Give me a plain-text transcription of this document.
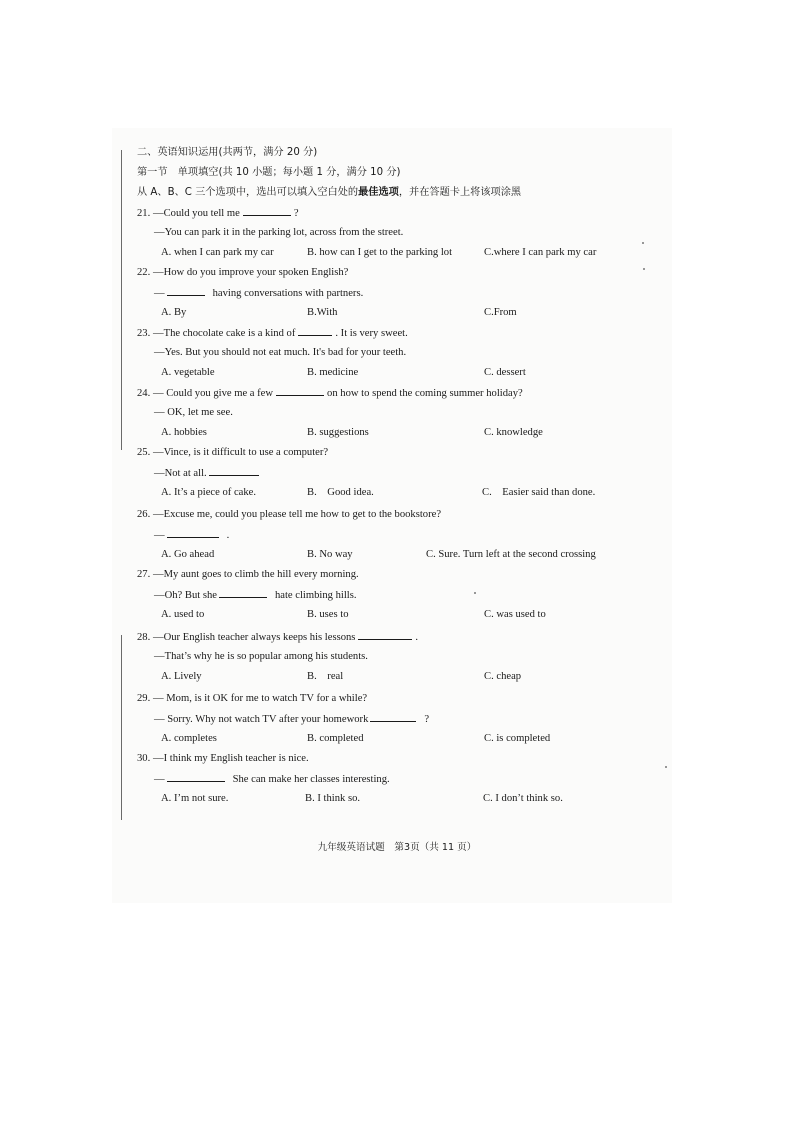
二、英语知识运用(共两节，满分 20 分)
第一节　单项填空(共 10 小题；每小题 1 分，满分 10 分)
从 A、B、C 三个选项中，选出可以填入空白处的最佳选项，并在答题卡上将该项涂黑
21. —Could you tell me	?
—You can park it in the parking lot, across from the street.
A. when I can park my car	B. how can I get to the parking lot	C.where I can park my car
22. —How do you improve your spoken English?
—	having conversations with partners.
A. By	B.With	C.From
23. —The chocolate cake is a kind of	. It is very sweet.
—Yes. But you should not eat much. It's bad for your teeth.
A. vegetable	B. medicine	C. dessert
24. — Could you give me a few	on how to spend the coming summer holiday?
— OK, let me see.
A. hobbies	B. suggestions	C. knowledge
25. —Vince, is it difficult to use a computer?
—Not at all.
A. It’s a piece of cake.	B.　Good idea.	C.　Easier said than done.
26. —Excuse me, could you please tell me how to get to the bookstore?
—	.
A. Go ahead	B. No way	C. Sure. Turn left at the second crossing
27. —My aunt goes to climb the hill every morning.
—Oh? But she	hate climbing hills.
A. used to	B. uses to	C. was used to
28. —Our English teacher always keeps his lessons	.
—That’s why he is so popular among his students.
A. Lively	B.　real	C. cheap
29. — Mom, is it OK for me to watch TV for a while?
— Sorry. Why not watch TV after your homework	?
A. completes	B. completed	C. is completed
30. —I think my English teacher is nice.
—	She can make her classes interesting.
A. I’m not sure.	B. I think so.	C. I don’t think so.
九年级英语试题　第3页（共 11 页）
